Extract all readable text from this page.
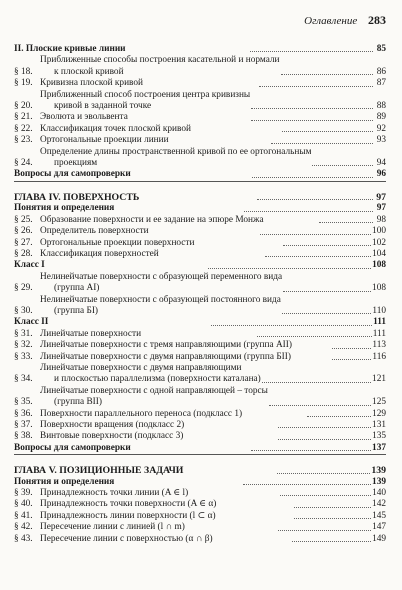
Оглавление 283
II. Плоские кривые линии	85
§ 18.
Приближенные способы построения касательной и нормали
к плоской кривой	86
§ 19. Кривизна плоской кривой	87
§ 20.
Приближенный способ построения центра кривизны
кривой в заданной точке	88
§ 21. Эволюта и эвольвента	89
§ 22. Классификация точек плоской кривой	92
§ 23. Ортогональные проекции линии	93
§ 24.
Определение длины пространственной кривой по ее ортогональным
проекциям	94
Вопросы для самопроверки	96
ГЛАВА IV. ПОВЕРХНОСТЬ	97
Понятия и определения	97
§ 25. Образование поверхности и ее задание на эпюре Монжа	98
§ 26. Определитель поверхности	100
§ 27. Ортогональные проекции поверхности	102
§ 28. Классификация поверхностей	104
Класс I	108
§ 29.
Нелинейчатые поверхности с образующей переменного вида
(группа AI)	108
§ 30.
Нелинейчатые поверхности с образующей постоянного вида
(группа БI)	110
Класс II	111
§ 31. Линейчатые поверхности	111
§ 32. Линейчатые поверхности с тремя направляющими (группа AII)	113
§ 33. Линейчатые поверхности с двумя направляющими (группа БII)	116
§ 34.
Линейчатые поверхности с двумя направляющими
и плоскостью параллелизма (поверхности каталана)	121
§ 35.
Линейчатые поверхности с одной направляющей – торсы
(группа BII)	125
§ 36. Поверхности параллельного переноса (подкласс 1)	129
§ 37. Поверхности вращения (подкласс 2)	131
§ 38. Винтовые поверхности (подкласс 3)	135
Вопросы для самопроверки	137
ГЛАВА V. ПОЗИЦИОННЫЕ ЗАДАЧИ	139
Понятия и определения	139
§ 39. Принадлежность точки линии (A ∈ l)	140
§ 40. Принадлежность точки поверхности (A ∈ α)	142
§ 41. Принадлежность линии поверхности (l ⊂ α)	145
§ 42. Пересечение линии с линией (l ∩ m)	147
§ 43. Пересечение линии с поверхностью (α ∩ β)	149
